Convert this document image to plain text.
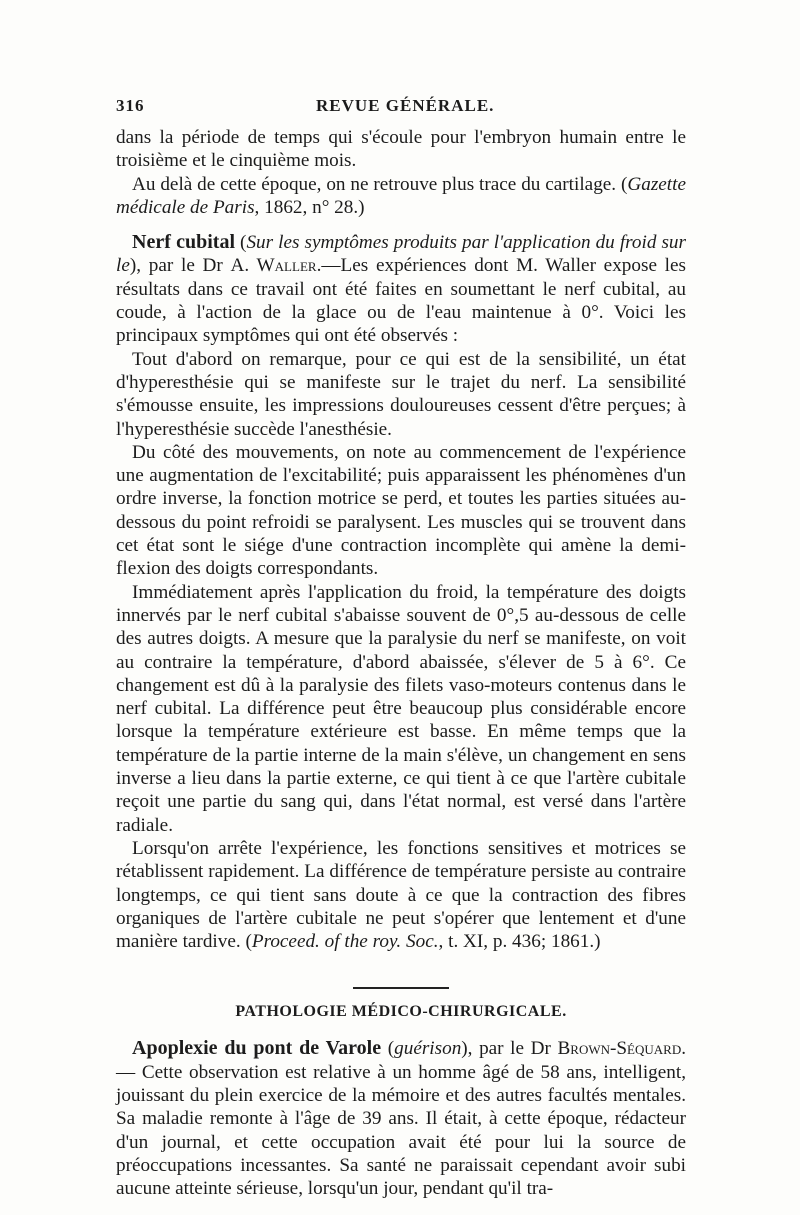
316	REVUE GÉNÉRALE.

dans la période de temps qui s'écoule pour l'embryon humain entre le troisième et le cinquième mois.

Au delà de cette époque, on ne retrouve plus trace du cartilage. (Gazette médicale de Paris, 1862, n° 28.)

Nerf cubital (Sur les symptômes produits par l'application du froid sur le), par le Dr A. Waller.—Les expériences dont M. Waller expose les résultats dans ce travail ont été faites en soumettant le nerf cubital, au coude, à l'action de la glace ou de l'eau maintenue à 0°. Voici les principaux symptômes qui ont été observés :

Tout d'abord on remarque, pour ce qui est de la sensibilité, un état d'hyperesthésie qui se manifeste sur le trajet du nerf. La sensibilité s'émousse ensuite, les impressions douloureuses cessent d'être perçues; à l'hyperesthésie succède l'anesthésie.

Du côté des mouvements, on note au commencement de l'expérience une augmentation de l'excitabilité; puis apparaissent les phénomènes d'un ordre inverse, la fonction motrice se perd, et toutes les parties situées au-dessous du point refroidi se paralysent. Les muscles qui se trouvent dans cet état sont le siége d'une contraction incomplète qui amène la demi-flexion des doigts correspondants.

Immédiatement après l'application du froid, la température des doigts innervés par le nerf cubital s'abaisse souvent de 0°,5 au-dessous de celle des autres doigts. A mesure que la paralysie du nerf se manifeste, on voit au contraire la température, d'abord abaissée, s'élever de 5 à 6°. Ce changement est dû à la paralysie des filets vaso-moteurs contenus dans le nerf cubital. La différence peut être beaucoup plus considérable encore lorsque la température extérieure est basse. En même temps que la température de la partie interne de la main s'élève, un changement en sens inverse a lieu dans la partie externe, ce qui tient à ce que l'artère cubitale reçoit une partie du sang qui, dans l'état normal, est versé dans l'artère radiale.

Lorsqu'on arrête l'expérience, les fonctions sensitives et motrices se rétablissent rapidement. La différence de température persiste au contraire longtemps, ce qui tient sans doute à ce que la contraction des fibres organiques de l'artère cubitale ne peut s'opérer que lentement et d'une manière tardive. (Proceed. of the roy. Soc., t. XI, p. 436; 1861.)

PATHOLOGIE MÉDICO-CHIRURGICALE.

Apoplexie du pont de Varole (guérison), par le Dr Brown-Séquard. — Cette observation est relative à un homme âgé de 58 ans, intelligent, jouissant du plein exercice de la mémoire et des autres facultés mentales. Sa maladie remonte à l'âge de 39 ans. Il était, à cette époque, rédacteur d'un journal, et cette occupation avait été pour lui la source de préoccupations incessantes. Sa santé ne paraissait cependant avoir subi aucune atteinte sérieuse, lorsqu'un jour, pendant qu'il tra-
